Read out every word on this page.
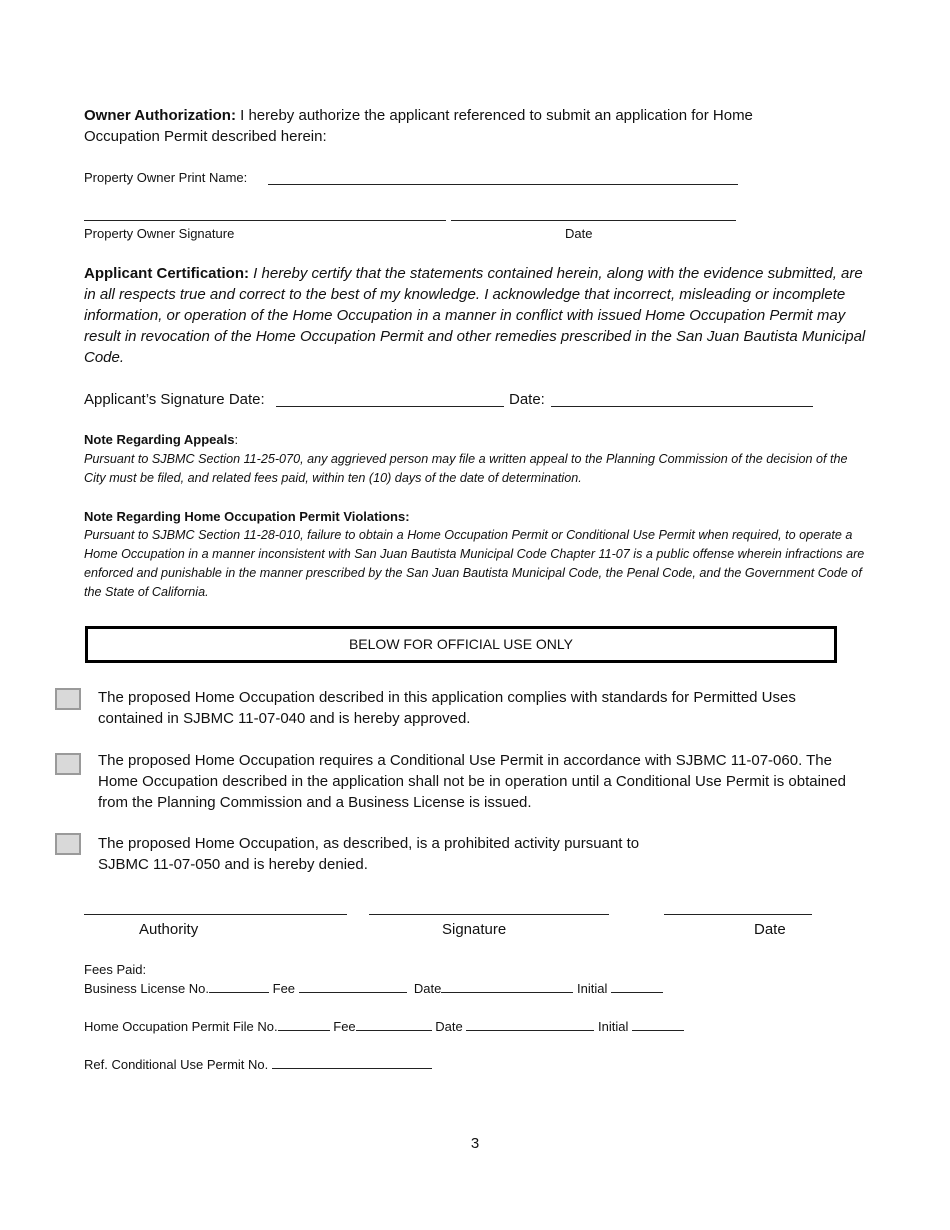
Owner Authorization: I hereby authorize the applicant referenced to submit an application for Home Occupation Permit described herein:
Property Owner Print Name:
Property Owner Signature	Date
Applicant Certification: I hereby certify that the statements contained herein, along with the evidence submitted, are in all respects true and correct to the best of my knowledge. I acknowledge that incorrect, misleading or incomplete information, or operation of the Home Occupation in a manner in conflict with issued Home Occupation Permit may result in revocation of the Home Occupation Permit and other remedies prescribed in the San Juan Bautista Municipal Code.
Applicant’s Signature Date:	Date:
Note Regarding Appeals:
Pursuant to SJBMC Section 11-25-070, any aggrieved person may file a written appeal to the Planning Commission of the decision of the City must be filed, and related fees paid, within ten (10) days of the date of determination.
Note Regarding Home Occupation Permit Violations:
Pursuant to SJBMC Section 11-28-010, failure to obtain a Home Occupation Permit or Conditional Use Permit when required, to operate a Home Occupation in a manner inconsistent with San Juan Bautista Municipal Code Chapter 11-07 is a public offense wherein infractions are enforced and punishable in the manner prescribed by the San Juan Bautista Municipal Code, the Penal Code, and the Government Code of the State of California.
BELOW FOR OFFICIAL USE ONLY
The proposed Home Occupation described in this application complies with standards for Permitted Uses contained in SJBMC 11-07-040 and is hereby approved.
The proposed Home Occupation requires a Conditional Use Permit in accordance with SJBMC 11-07-060. The Home Occupation described in the application shall not be in operation until a Conditional Use Permit is obtained from the Planning Commission and a Business License is issued.
The proposed Home Occupation, as described, is a prohibited activity pursuant to
SJBMC 11-07-050 and is hereby denied.
Authority	Signature	Date
Fees Paid:
Business License No.	Fee	Date	Initial
Home Occupation Permit File No.	Fee	Date	Initial
Ref. Conditional Use Permit No.
3
